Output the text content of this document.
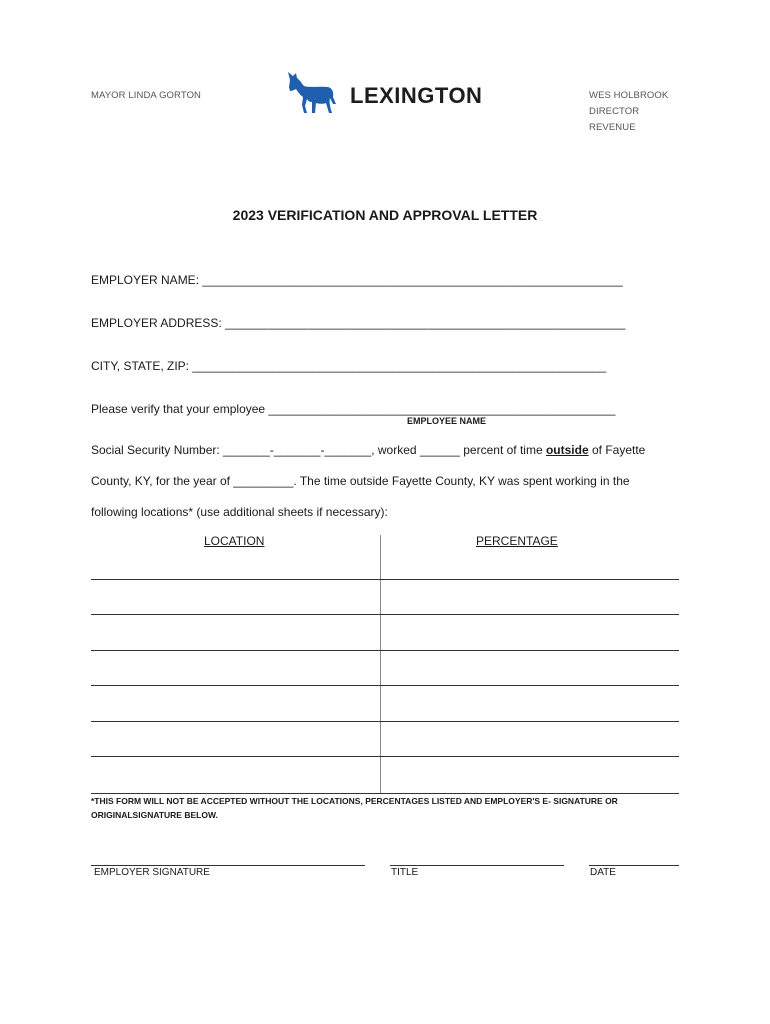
MAYOR LINDA GORTON	LEXINGTON	WES HOLBROOK
DIRECTOR
REVENUE
2023 VERIFICATION AND APPROVAL LETTER
EMPLOYER NAME: _______________________________________________________________
EMPLOYER ADDRESS: ____________________________________________________________
CITY, STATE, ZIP: ______________________________________________________________
Please verify that your employee ____________________________________________________
EMPLOYEE NAME
Social Security Number: _______-_______-_______, worked ______ percent of time outside of Fayette
County, KY, for the year of _________. The time outside Fayette County, KY was spent working in the
following locations* (use additional sheets if necessary):
LOCATION	PERCENTAGE
*THIS FORM WILL NOT BE ACCEPTED WITHOUT THE LOCATIONS, PERCENTAGES LISTED AND EMPLOYER'S E- SIGNATURE OR
ORIGINALSIGNATURE BELOW.
EMPLOYER SIGNATURE	TITLE	DATE
